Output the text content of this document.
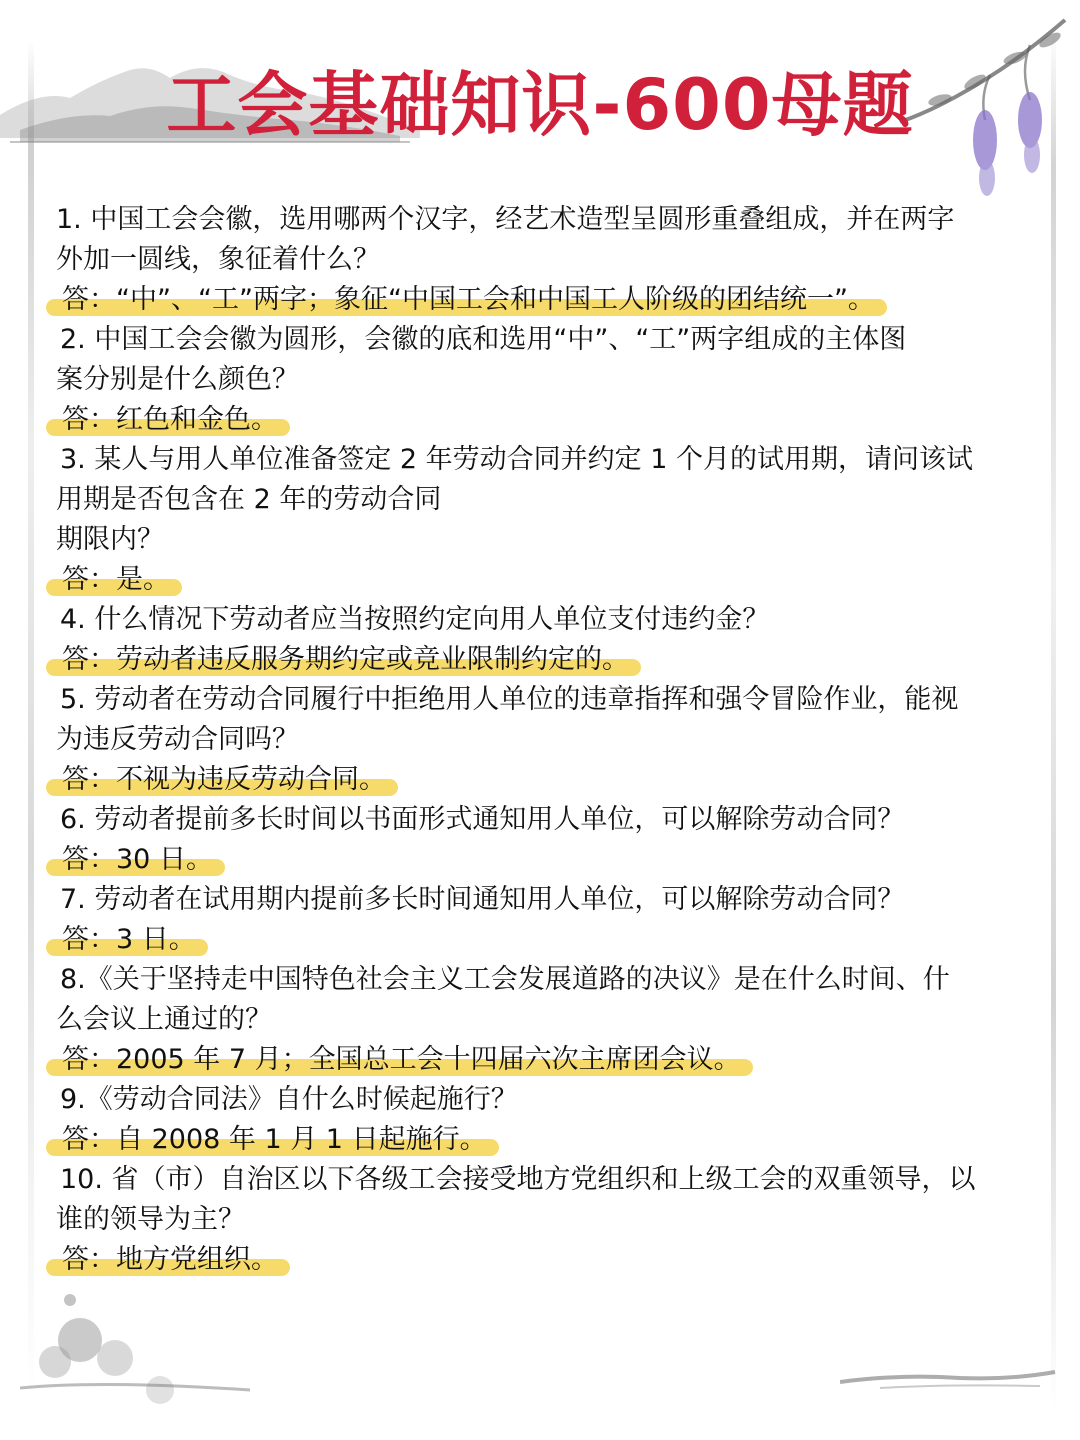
工会基础知识-600母题

1. 中国工会会徽，选用哪两个汉字，经艺术造型呈圆形重叠组成，并在两字

外加一圆线，象征着什么？

答：“中”、“工”两字；象征“中国工会和中国工人阶级的团结统一”。

2. 中国工会会徽为圆形，会徽的底和选用“中”、“工”两字组成的主体图

案分别是什么颜色？

答：红色和金色。

3. 某人与用人单位准备签定 2 年劳动合同并约定 1 个月的试用期，请问该试

用期是否包含在 2 年的劳动合同

期限内？

答：是。

4. 什么情况下劳动者应当按照约定向用人单位支付违约金？

答：劳动者违反服务期约定或竞业限制约定的。

5. 劳动者在劳动合同履行中拒绝用人单位的违章指挥和强令冒险作业，能视

为违反劳动合同吗？

答：不视为违反劳动合同。

6. 劳动者提前多长时间以书面形式通知用人单位，可以解除劳动合同？

答：30 日。

7. 劳动者在试用期内提前多长时间通知用人单位，可以解除劳动合同？

答：3 日。

8.《关于坚持走中国特色社会主义工会发展道路的决议》是在什么时间、什

么会议上通过的？

答：2005 年 7 月；全国总工会十四届六次主席团会议。

9.《劳动合同法》自什么时候起施行？

答：自 2008 年 1 月 1 日起施行。

10. 省（市）自治区以下各级工会接受地方党组织和上级工会的双重领导，以

谁的领导为主？

答：地方党组织。
